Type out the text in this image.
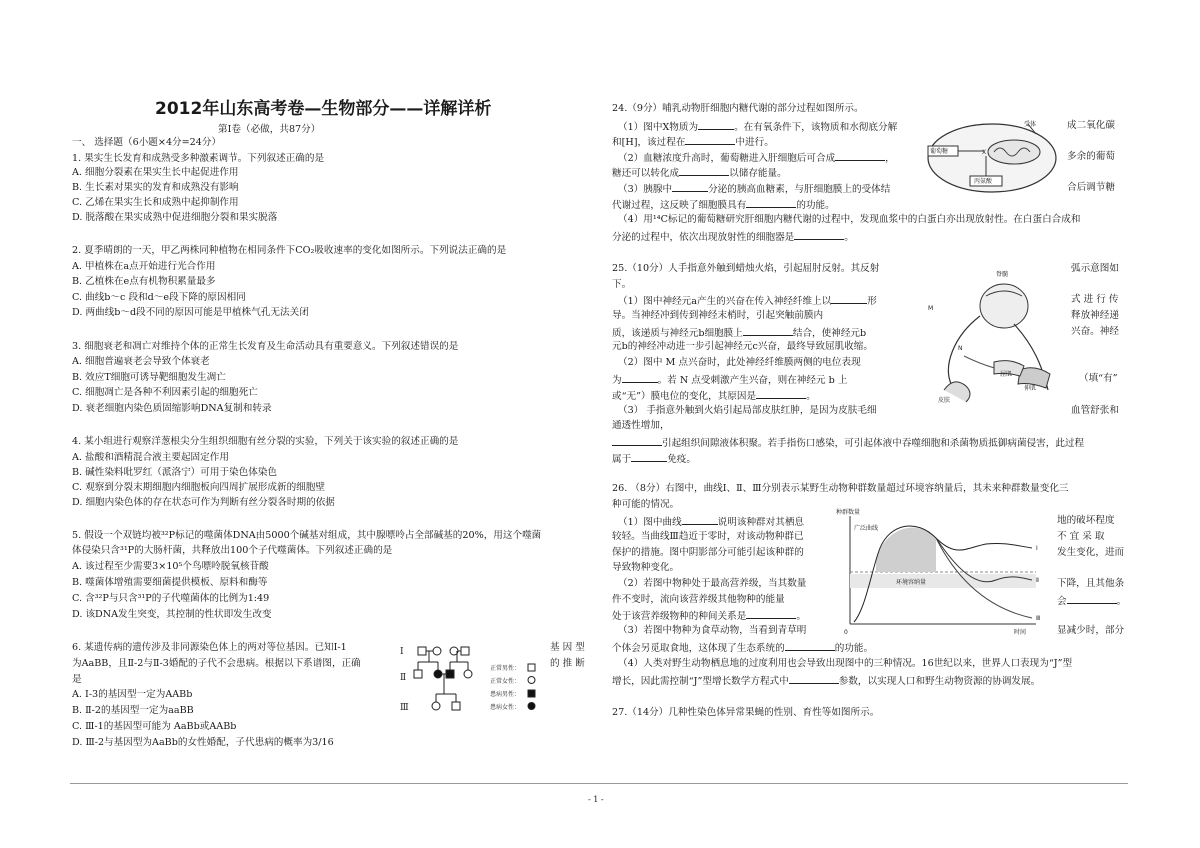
2012年山东高考卷—生物部分——详解详析
第Ⅰ卷（必做，共87分）
一、 选择题（6小题×4分=24分）
1. 果实生长发育和成熟受多种激素调节。下列叙述正确的是
A. 细胞分裂素在果实生长中起促进作用
B. 生长素对果实的发育和成熟没有影响
C. 乙烯在果实生长和成熟中起抑制作用
D. 脱落酸在果实成熟中促进细胞分裂和果实脱落
2. 夏季晴朗的一天，甲乙两株同种植物在相同条件下CO₂吸收速率的变化如图所示。下列说法正确的是
A. 甲植株在a点开始进行光合作用
B. 乙植株在e点有机物积累量最多
C. 曲线b～c 段和d～e段下降的原因相同
D. 两曲线b～d段不同的原因可能是甲植株气孔无法关闭
3. 细胞衰老和凋亡对维持个体的正常生长发育及生命活动具有重要意义。下列叙述错误的是
A. 细胞普遍衰老会导致个体衰老
B. 效应T细胞可诱导靶细胞发生凋亡
C. 细胞凋亡是各种不利因素引起的细胞死亡
D. 衰老细胞内染色质固缩影响DNA复制和转录
4. 某小组进行观察洋葱根尖分生组织细胞有丝分裂的实验，下列关于该实验的叙述正确的是
A. 盐酸和酒精混合液主要起固定作用
B. 碱性染料吡罗红（派洛宁）可用于染色体染色
C. 观察到分裂末期细胞内细胞板向四周扩展形成新的细胞壁
D. 细胞内染色体的存在状态可作为判断有丝分裂各时期的依据
5. 假设一个双链均被³²P标记的噬菌体DNA由5000个碱基对组成，其中腺嘌呤占全部碱基的20%，用这个噬菌
体侵染只含³¹P的大肠杆菌，共释放出100个子代噬菌体。下列叙述正确的是
A. 该过程至少需要3×10⁵个鸟嘌呤脱氧核苷酸
B. 噬菌体增殖需要细菌提供模板、原料和酶等
C. 含³²P与只含³¹P的子代噬菌体的比例为1:49
D. 该DNA发生突变，其控制的性状即发生改变
6. 某遗传病的遗传涉及非同源染色体上的两对等位基因。已知Ⅰ-1
为AaBB，且Ⅱ-2与Ⅱ-3婚配的子代不会患病。根据以下系谱图，正确
是
A. Ⅰ-3的基因型一定为AABb
B. Ⅱ-2的基因型一定为aaBB
C. Ⅲ-1的基因型可能为 AaBb或AABb
D. Ⅲ-2与基因型为AaBb的女性婚配，子代患病的概率为3/16
基 因 型
的 推 断
Ⅰ
Ⅱ
Ⅲ
正常男性：
正常女性：
患病男性：
患病女性：
24.（9分）哺乳动物肝细胞内糖代谢的部分过程如图所示。
（1）图中X物质为	。在有氧条件下，该物质和水彻底分解	成二氧化碳
和[H]，该过程在	中进行。
（2）血糖浓度升高时，葡萄糖进入肝细胞后可合成	，	多余的葡萄
糖还可以转化成	以储存能量。
（3）胰腺中	分泌的胰高血糖素，与肝细胞膜上的受体结	合后调节糖
代谢过程，这反映了细胞膜具有	的功能。
（4）用¹⁴C标记的葡萄糖研究肝细胞内糖代谢的过程中，发现血浆中的白蛋白亦出现放射性。在白蛋白合成和
分泌的过程中，依次出现放射性的细胞器是	。
25.（10分）人手指意外触到蜡烛火焰，引起屈肘反射。其反射	弧示意图如
下。
（1）图中神经元a产生的兴奋在传入神经纤维上以	形	式 进 行 传
导。当神经冲到传到神经末梢时，引起突触前膜内	释放神经递
质，该递质与神经元b细胞膜上	结合，使神经元b	兴奋。神经
元b的神经冲动进一步引起神经元c兴奋，最终导致屈肌收缩。
（2）图中 M 点兴奋时，此处神经纤维膜两侧的电位表现
为	。若 N 点受刺激产生兴奋，则在神经元 b 上	（填“有”
或“无”）膜电位的变化，其原因是	。
（3） 手指意外触到火焰引起局部皮肤红肿，是因为皮肤毛细	血管舒张和
通透性增加，
引起组织间隙液体积聚。若手指伤口感染，可引起体液中吞噬细胞和杀菌物质抵御病菌侵害，此过程
属于	免疫。
26. （8分）右图中，曲线Ⅰ、Ⅱ、Ⅲ分别表示某野生动物种群数量超过环境容纳量后，其未来种群数量变化三
种可能的情况。
（1）图中曲线	说明该种群对其栖息	地的破坏程度
较轻。当曲线Ⅲ趋近于零时，对该动物种群已	不 宜 采 取
保护的措施。图中阴影部分可能引起该种群的	发生变化，进而
导致物种变化。
（2）若图中物种处于最高营养级，当其数量	下降，且其他条
件不变时，流向该营养级其他物种的能量	会	。
处于该营养级物种的种间关系是	。
（3）若图中物种为食草动物，当看到青草明	显减少时，部分
个体会另觅取食地，这体现了生态系统的	的功能。
（4）人类对野生动物栖息地的过度利用也会导致出现图中的三种情况。16世纪以来，世界人口表现为“J”型
增长，因此需控制“J”型增长数学方程式中	参数，以实现人口和野生动物资源的协调发展。
27.（14分）几种性染色体异常果蝇的性别、育性等如图所示。
受体
葡萄糖	X
丙氨酸
脊髓
M
N
伸肌
屈肌
皮肤
种群数量
广泛曲线
环境容纳量
时间
0
Ⅰ
Ⅱ
Ⅲ
- 1 -
